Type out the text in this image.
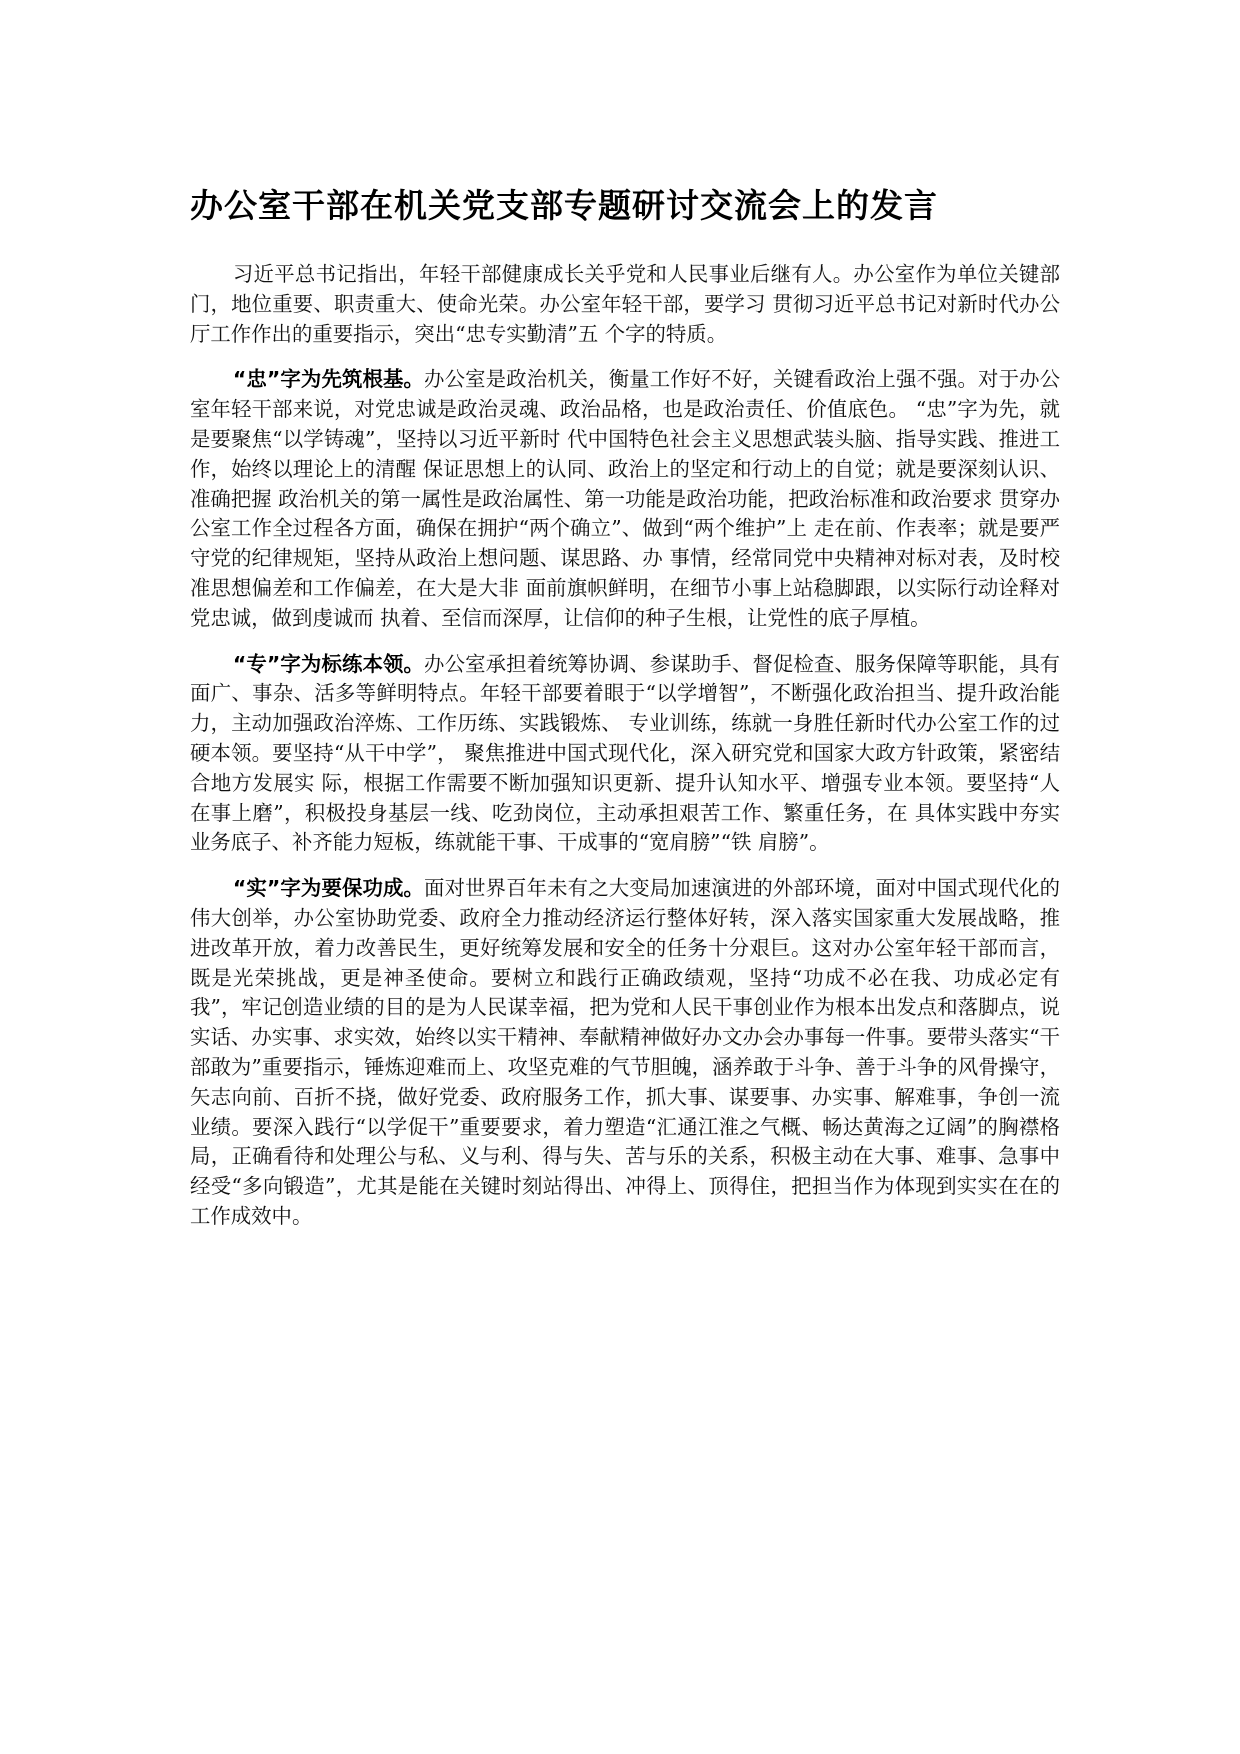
办公室干部在机关党支部专题研讨交流会上的发言

习近平总书记指出，年轻干部健康成长关乎党和人民事业后继有人。办公室作为单位关键部门，地位重要、职责重大、使命光荣。办公室年轻干部，要学习 贯彻习近平总书记对新时代办公厅工作作出的重要指示，突出“忠专实勤清”五 个字的特质。

“忠”字为先筑根基。办公室是政治机关，衡量工作好不好，关键看政治上强不强。对于办公室年轻干部来说，对党忠诚是政治灵魂、政治品格，也是政治责任、价值底色。 “忠”字为先，就是要聚焦“以学铸魂”，坚持以习近平新时 代中国特色社会主义思想武装头脑、指导实践、推进工作，始终以理论上的清醒 保证思想上的认同、政治上的坚定和行动上的自觉；就是要深刻认识、准确把握 政治机关的第一属性是政治属性、第一功能是政治功能，把政治标准和政治要求 贯穿办公室工作全过程各方面，确保在拥护“两个确立”、做到“两个维护”上 走在前、作表率；就是要严守党的纪律规矩，坚持从政治上想问题、谋思路、办 事情，经常同党中央精神对标对表，及时校准思想偏差和工作偏差，在大是大非 面前旗帜鲜明，在细节小事上站稳脚跟，以实际行动诠释对党忠诚，做到虔诚而 执着、至信而深厚，让信仰的种子生根，让党性的底子厚植。

“专”字为标练本领。办公室承担着统筹协调、参谋助手、督促检查、服务保障等职能，具有面广、事杂、活多等鲜明特点。年轻干部要着眼于“以学增智”，不断强化政治担当、提升政治能力，主动加强政治淬炼、工作历练、实践锻炼、 专业训练，练就一身胜任新时代办公室工作的过硬本领。要坚持“从干中学”， 聚焦推进中国式现代化，深入研究党和国家大政方针政策，紧密结合地方发展实 际，根据工作需要不断加强知识更新、提升认知水平、增强专业本领。要坚持“人 在事上磨”，积极投身基层一线、吃劲岗位，主动承担艰苦工作、繁重任务，在 具体实践中夯实业务底子、补齐能力短板，练就能干事、干成事的“宽肩膀”“铁 肩膀”。

“实”字为要保功成。面对世界百年未有之大变局加速演进的外部环境，面对中国式现代化的伟大创举，办公室协助党委、政府全力推动经济运行整体好转，深入落实国家重大发展战略，推进改革开放，着力改善民生，更好统筹发展和安全的任务十分艰巨。这对办公室年轻干部而言，既是光荣挑战，更是神圣使命。要树立和践行正确政绩观，坚持“功成不必在我、功成必定有我”，牢记创造业绩的目的是为人民谋幸福，把为党和人民干事创业作为根本出发点和落脚点，说实话、办实事、求实效，始终以实干精神、奉献精神做好办文办会办事每一件事。要带头落实“干部敢为”重要指示，锤炼迎难而上、攻坚克难的气节胆魄，涵养敢于斗争、善于斗争的风骨操守，矢志向前、百折不挠，做好党委、政府服务工作，抓大事、谋要事、办实事、解难事，争创一流业绩。要深入践行“以学促干”重要要求，着力塑造“汇通江淮之气概、畅达黄海之辽阔”的胸襟格局，正确看待和处理公与私、义与利、得与失、苦与乐的关系，积极主动在大事、难事、急事中经受“多向锻造”，尤其是能在关键时刻站得出、冲得上、顶得住，把担当作为体现到实实在在的工作成效中。
